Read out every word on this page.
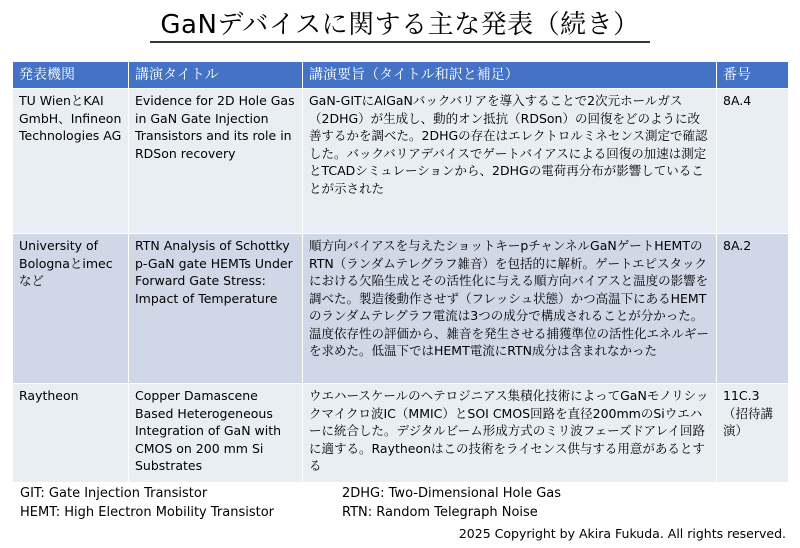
GaNデバイスに関する主な発表（続き）
発表機関	講演タイトル	講演要旨（タイトル和訳と補足）	番号
TU WienとKAI GmbH、Infineon Technologies AG	Evidence for 2D Hole Gas in GaN Gate Injection Transistors and its role in RDSon recovery	GaN-GITにAlGaNバックバリアを導入することで2次元ホールガス（2DHG）が生成し、動的オン抵抗（RDSon）の回復をどのように改善するかを調べた。2DHGの存在はエレクトロルミネセンス測定で確認した。バックバリアデバイスでゲートバイアスによる回復の加速は測定とTCADシミュレーションから、2DHGの電荷再分布が影響していることが示された	8A.4
University of Bolognaとimecなど	RTN Analysis of Schottky p-GaN gate HEMTs Under Forward Gate Stress: Impact of Temperature	順方向バイアスを与えたショットキーpチャンネルGaNゲートHEMTのRTN（ランダムテレグラフ雑音）を包括的に解析。ゲートエピスタックにおける欠陥生成とその活性化に与える順方向バイアスと温度の影響を調べた。製造後動作させず（フレッシュ状態）かつ高温下にあるHEMTのランダムテレグラフ電流は3つの成分で構成されることが分かった。温度依存性の評価から、雑音を発生させる捕獲準位の活性化エネルギーを求めた。低温下ではHEMT電流にRTN成分は含まれなかった	8A.2
Raytheon	Copper Damascene Based Heterogeneous Integration of GaN with CMOS on 200 mm Si Substrates	ウエハースケールのヘテロジニアス集積化技術によってGaNモノリシックマイクロ波IC（MMIC）とSOI CMOS回路を直径200mmのSiウエハーに統合した。デジタルビーム形成方式のミリ波フェーズドアレイ回路に適する。Raytheonはこの技術をライセンス供与する用意があるとする	11C.3（招待講演）
GIT: Gate Injection Transistor
HEMT: High Electron Mobility Transistor
2DHG: Two-Dimensional Hole Gas
RTN: Random Telegraph Noise
2025 Copyright by Akira Fukuda. All rights reserved.
